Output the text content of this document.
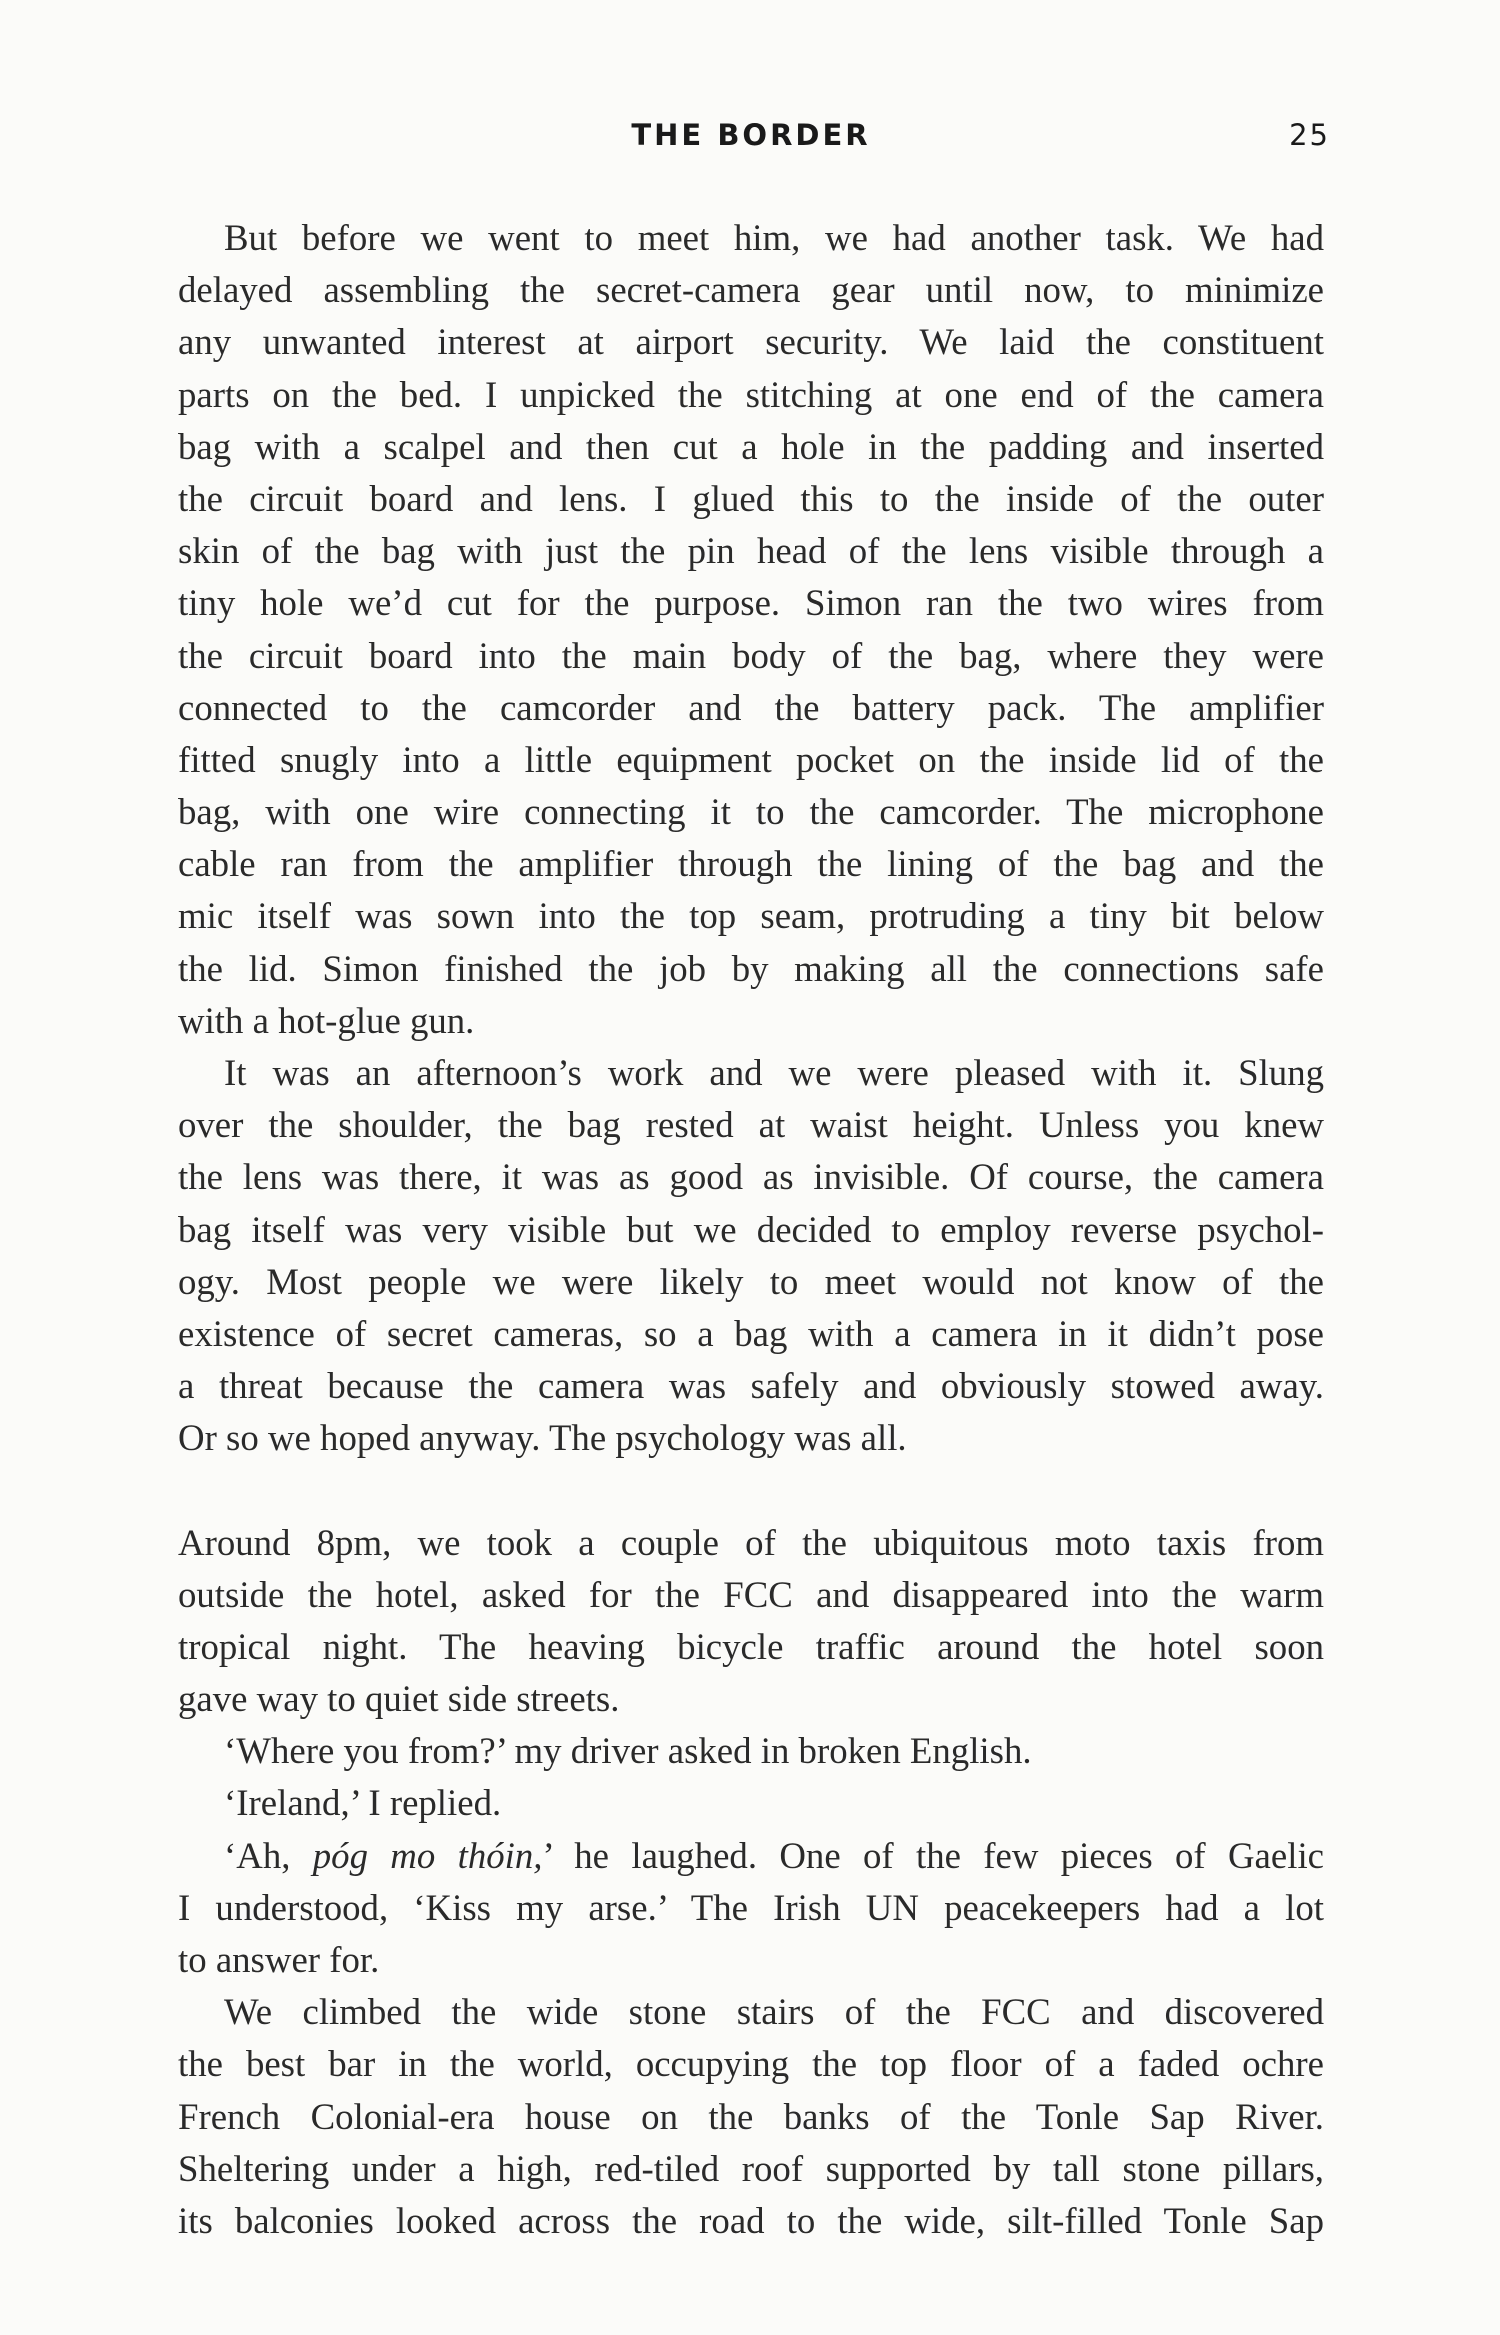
THE BORDER	25
But before we went to meet him, we had another task. We had
delayed assembling the secret-camera gear until now, to minimize
any unwanted interest at airport security. We laid the constituent
parts on the bed. I unpicked the stitching at one end of the camera
bag with a scalpel and then cut a hole in the padding and inserted
the circuit board and lens. I glued this to the inside of the outer
skin of the bag with just the pin head of the lens visible through a
tiny hole we’d cut for the purpose. Simon ran the two wires from
the circuit board into the main body of the bag, where they were
connected to the camcorder and the battery pack. The amplifier
fitted snugly into a little equipment pocket on the inside lid of the
bag, with one wire connecting it to the camcorder. The microphone
cable ran from the amplifier through the lining of the bag and the
mic itself was sown into the top seam, protruding a tiny bit below
the lid. Simon finished the job by making all the connections safe
with a hot-glue gun.
It was an afternoon’s work and we were pleased with it. Slung
over the shoulder, the bag rested at waist height. Unless you knew
the lens was there, it was as good as invisible. Of course, the camera
bag itself was very visible but we decided to employ reverse psychol-
ogy. Most people we were likely to meet would not know of the
existence of secret cameras, so a bag with a camera in it didn’t pose
a threat because the camera was safely and obviously stowed away.
Or so we hoped anyway. The psychology was all.
Around 8pm, we took a couple of the ubiquitous moto taxis from
outside the hotel, asked for the FCC and disappeared into the warm
tropical night. The heaving bicycle traffic around the hotel soon
gave way to quiet side streets.
‘Where you from?’ my driver asked in broken English.
‘Ireland,’ I replied.
‘Ah, póg mo thóin,’ he laughed. One of the few pieces of Gaelic
I understood, ‘Kiss my arse.’ The Irish UN peacekeepers had a lot
to answer for.
We climbed the wide stone stairs of the FCC and discovered
the best bar in the world, occupying the top floor of a faded ochre
French Colonial-era house on the banks of the Tonle Sap River.
Sheltering under a high, red-tiled roof supported by tall stone pillars,
its balconies looked across the road to the wide, silt-filled Tonle Sap
